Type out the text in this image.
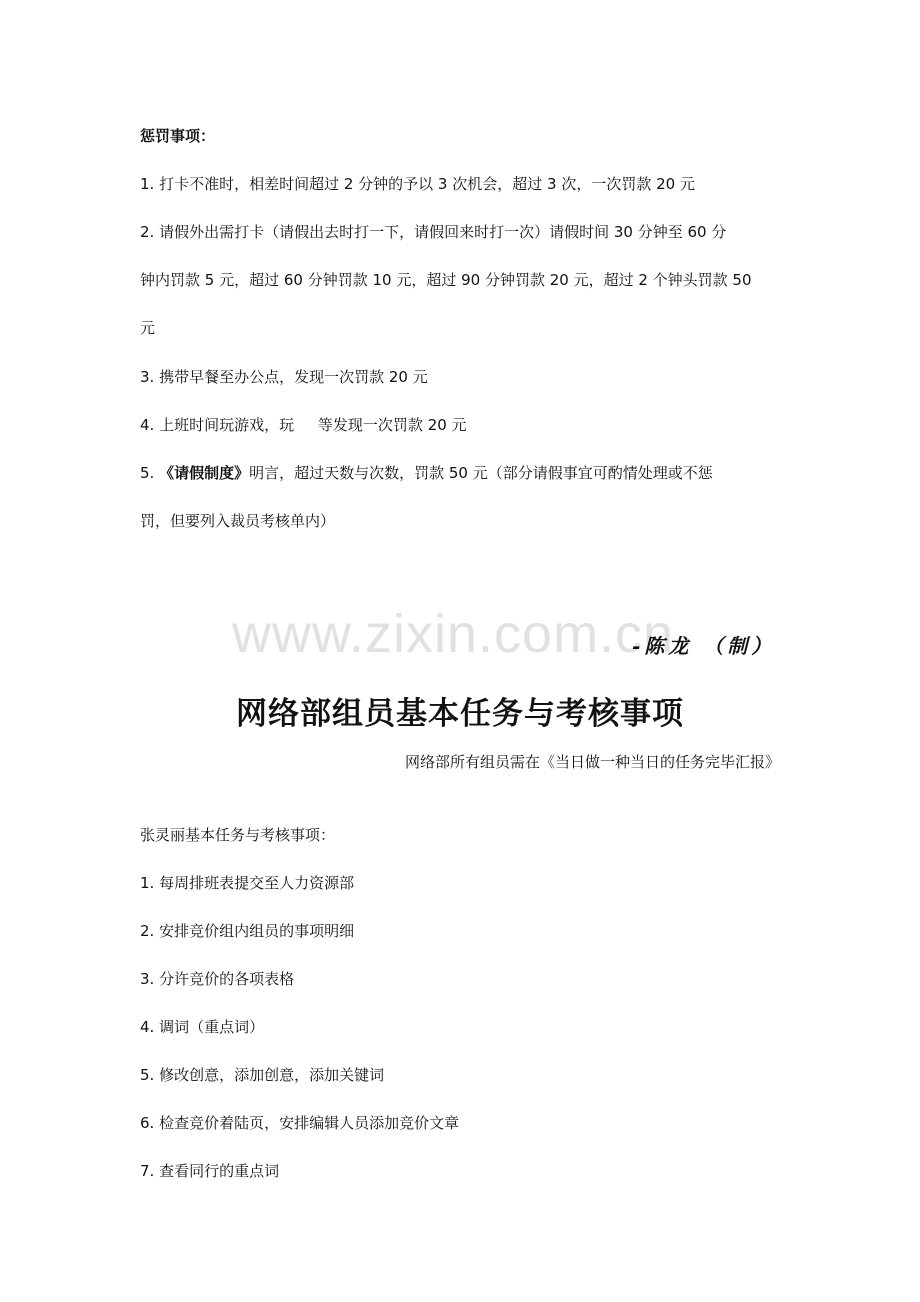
惩罚事项：
1. 打卡不准时，相差时间超过 2 分钟的予以 3 次机会，超过 3 次，一次罚款 20 元
2. 请假外出需打卡（请假出去时打一下，请假回来时打一次）请假时间 30 分钟至 60 分
钟内罚款 5 元，超过 60 分钟罚款 10 元，超过 90 分钟罚款 20 元，超过 2 个钟头罚款 50
元
3. 携带早餐至办公点，发现一次罚款 20 元
4. 上班时间玩游戏，玩     等发现一次罚款 20 元
5. 《请假制度》明言，超过天数与次数，罚款 50 元（部分请假事宜可酌情处理或不惩
罚，但要列入裁员考核单内）
www.zixin.com.cn
-陈龙 （制）
网络部组员基本任务与考核事项
网络部所有组员需在《当日做一种当日的任务完毕汇报》
张灵丽基本任务与考核事项：
1. 每周排班表提交至人力资源部
2. 安排竞价组内组员的事项明细
3. 分许竞价的各项表格
4. 调词（重点词）
5. 修改创意，添加创意，添加关键词
6. 检查竞价着陆页，安排编辑人员添加竞价文章
7. 查看同行的重点词
